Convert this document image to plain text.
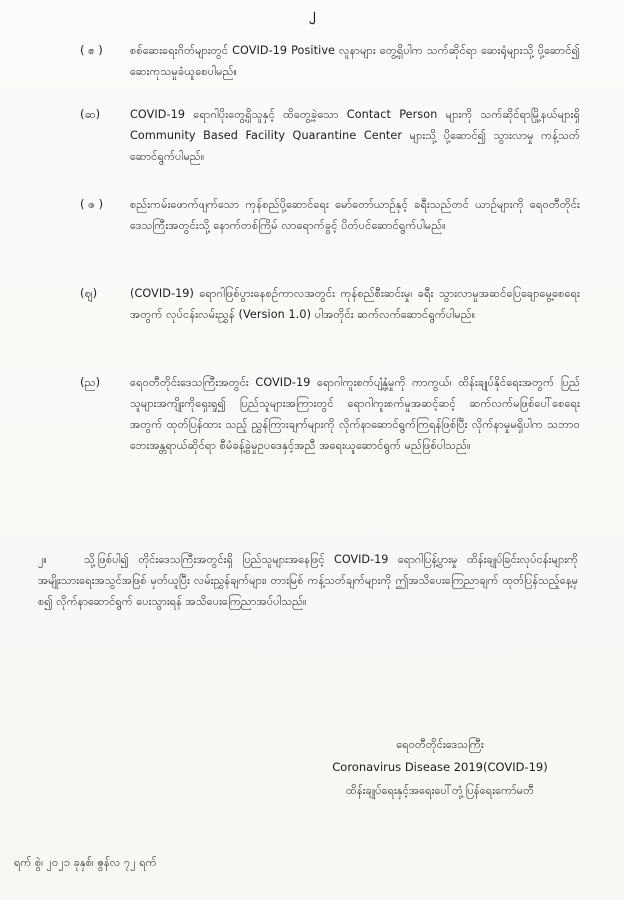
၂
( ဧ )	စစ်ဆေးရေးဂိတ်များတွင် COVID-19 Positive လူနာများ တွေ့ရှိပါက သက်ဆိုင်ရာ ဆေးရုံများသို့ ပို့ဆောင်၍ ဆေးကုသမှုခံယူစေပါမည်။
(ဆ)	COVID-19 ရောဂါပိုးတွေ့ရှိသူနှင့် ထိတွေ့ခဲ့သော Contact Person များကို သက်ဆိုင်ရာမြို့နယ်များရှိ Community Based Facility Quarantine Center များသို့ ပို့ဆောင်၍ သွားလာမှု ကန့်သတ်ဆောင်ရွက်ပါမည်။
( ဇ )	စည်းကမ်းဖောက်ဖျက်သော ကုန်စည်ပို့ဆောင်ရေး မော်တော်ယာဉ်နှင့် ခရီးသည်တင် ယာဉ်များကို ရေဝတီတိုင်းဒေသကြီးအတွင်းသို့ နောက်တစ်ကြိမ် လာရောက်ခွင့် ပိတ်ပင်ဆောင်ရွက်ပါမည်။
(ဈ)	(COVID-19) ရောဂါဖြစ်ပွားနေစဉ်ကာလအတွင်း ကုန်စည်စီးဆင်းမှု၊ ခရီး သွားလာမှုအဆင်ပြေချောမွေ့စေရေးအတွက် လုပ်ငန်းလမ်းညွှန် (Version 1.0) ပါအတိုင်း ဆက်လက်ဆောင်ရွက်ပါမည်။
(ည)	ရေဝတီတိုင်းဒေသကြီးအတွင်း COVID-19 ရောဂါကူးစက်ပျံ့နှံ့မှုကို ကာကွယ်၊ ထိန်းချုပ်နိုင်ရေးအတွက် ပြည်သူများအကျိုးကိုရှေးရှု၍ ပြည်သူများအကြားတွင် ရောဂါကူးစက်မှုအဆင့်ဆင့် ဆက်လက်မဖြစ်ပေါ်စေရေးအတွက် ထုတ်ပြန်ထား သည့် ညွှန်ကြားချက်များကို လိုက်နာဆောင်ရွက်ကြရန်ဖြစ်ပြီး လိုက်နာမှုမရှိပါက သဘာဝဘေးအန္တရာယ်ဆိုင်ရာ စီမံခန့်ခွဲမှုဥပဒေနှင့်အညီ အရေးယူဆောင်ရွက် မည်ဖြစ်ပါသည်။
၂။	သို့ဖြစ်ပါ၍ တိုင်းဒေသကြီးအတွင်းရှိ ပြည်သူများအနေဖြင့် COVID-19 ရောဂါပြန့်ပွားမှု ထိန်းချုပ်ခြင်းလုပ်ငန်းများကို အမျိုးသားရေးအသွင်အဖြစ် မှတ်ယူပြီး လမ်းညွှန်ချက်များ၊ တားမြစ် ကန့်သတ်ချက်များကို ဤအသိပေးကြေညာချက် ထုတ်ပြန်သည့်နေ့မှစ၍ လိုက်နာဆောင်ရွက် ပေးသွားရန် အသိပေးကြေညာအပ်ပါသည်။
ရေဝတီတိုင်းဒေသကြီး
Coronavirus Disease 2019(COVID-19)
ထိန်းချုပ်ရေးနှင့်အရေးပေါ်တုံ့ပြန်ရေးကော်မတီ
ရက် စွဲ၊ ၂၀၂၁ ခုနှစ်၊ ဇွန်လ ၇၂ ရက်
